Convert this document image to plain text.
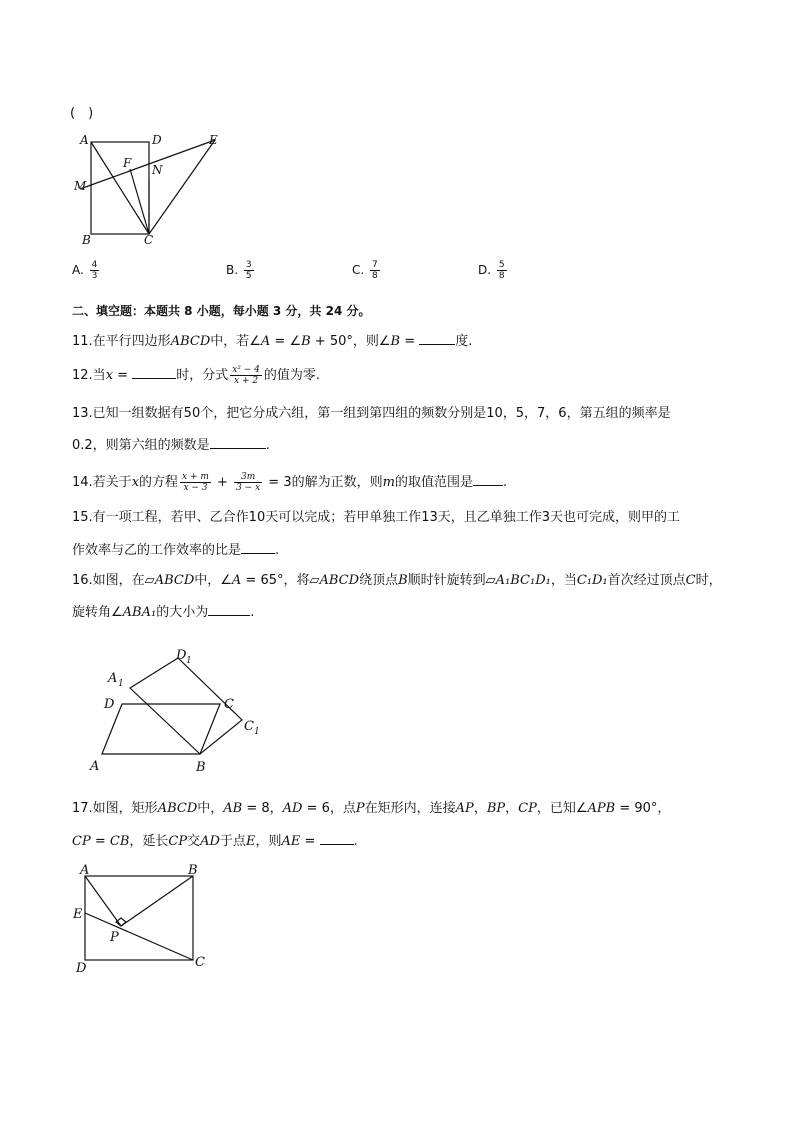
(　)
A	D	E
F N
M
B	C
A. $\frac{4}{3}$	B. $\frac{3}{5}$	C. $\frac{7}{8}$	D. $\frac{5}{8}$
二、填空题：本题共 8 小题，每小题 3 分，共 24 分。
11.在平行四边形ABCD中，若∠A = ∠B + 50°，则∠B =	度.
12.当x =	时，分式 $\frac{\text{x² − 4}}{x + 2}$ 的值为零.
13.已知一组数据有50个，把它分成六组，第一组到第四组的频数分别是10，5，7，6，第五组的频率是
0.2，则第六组的频数是	.
14.若关于x的方程 $\frac{x + m}{x - 3} + \frac{3m}{3 - x} = 3$的解为正数，则m的取值范围是 .
15.有一项工程，若甲、乙合作10天可以完成；若甲单独工作13天，且乙单独工作3天也可完成，则甲的工
作效率与乙的工作效率的比是	.
16.如图，在▱ABCD中，∠A = 65°，将▱ABCD绕顶点B顺时针旋转到▱A₁BC₁D₁，当C₁D₁首次经过顶点C时，
旋转角∠ABA₁的大小为	.
A	B
C
D
A 1
D 1
C 1
17.如图，矩形ABCD中，AB = 8，AD = 6，点P在矩形内，连接AP，BP，CP，已知∠APB = 90°，
CP = CB，延长CP交AD于点E，则AE =	.
A	B
C
D
E
P
